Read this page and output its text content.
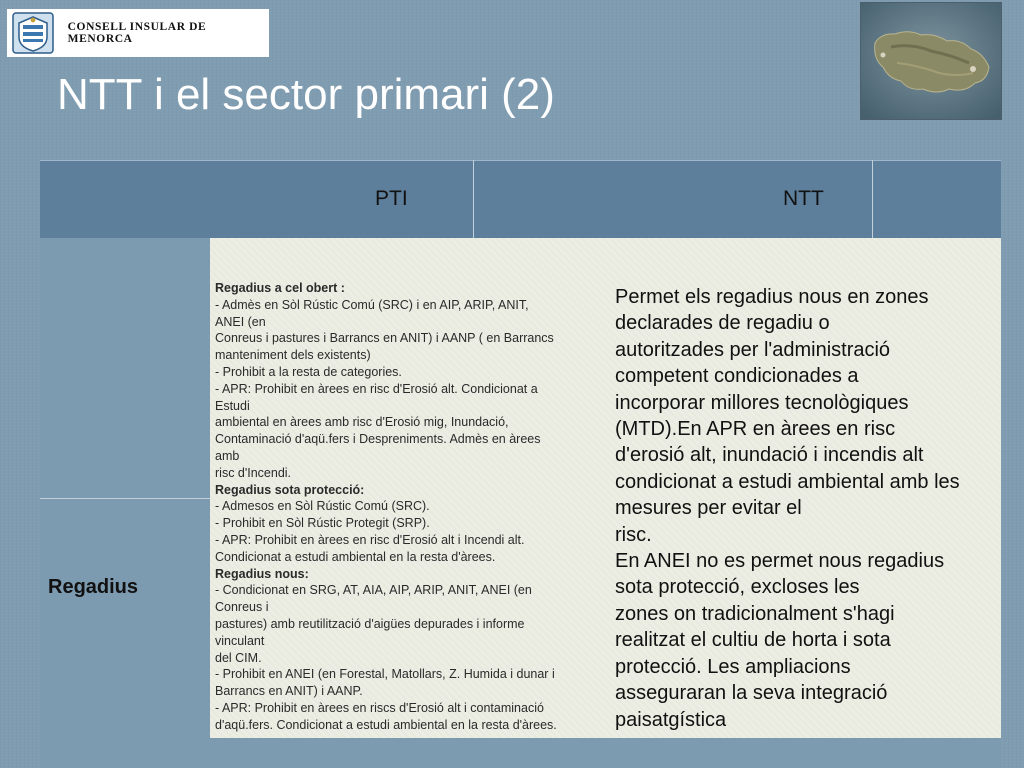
CONSELL INSULAR DE MENORCA
NTT i el sector primari (2)
PTI	NTT
Regadius
Regadius a cel obert :
- Admès en Sòl Rústic Comú (SRC) i en AIP, ARIP, ANIT,
ANEI (en
Conreus i pastures i Barrancs en ANIT) i AANP ( en Barrancs
manteniment dels existents)
- Prohibit a la resta de categories.
- APR: Prohibit en àrees en risc d'Erosió alt. Condicionat a
Estudi
ambiental en àrees amb risc d'Erosió mig, Inundació,
Contaminació d'aqü.fers i Despreniments. Admès en àrees
amb
risc d'Incendi.
Regadius sota protecció:
- Admesos en Sòl Rústic Comú (SRC).
- Prohibit en Sòl Rústic Protegit (SRP).
- APR: Prohibit en àrees en risc d'Erosió alt i Incendi alt.
Condicionat a estudi ambiental en la resta d'àrees.
Regadius nous:
- Condicionat en SRG, AT, AIA, AIP, ARIP, ANIT, ANEI (en
Conreus i
pastures) amb reutilització d'aigües depurades i informe
vinculant
del CIM.
- Prohibit en ANEI (en Forestal, Matollars, Z. Humida i dunar i
Barrancs en ANIT) i AANP.
- APR: Prohibit en àrees en riscs d'Erosió alt i contaminació
d'aqü.fers. Condicionat a estudi ambiental en la resta d'àrees.
Permet els regadius nous en zones
declarades de regadiu o
autoritzades per l'administració
competent condicionades a
incorporar millores tecnològiques
(MTD).En APR en àrees en risc
d'erosió alt, inundació i incendis alt
condicionat a estudi ambiental amb les
mesures per evitar el
risc.
En ANEI no es permet nous regadius
sota protecció, excloses les
zones on tradicionalment s'hagi
realitzat el cultiu de horta i sota
protecció. Les ampliacions
asseguraran la seva integració
paisatgística
